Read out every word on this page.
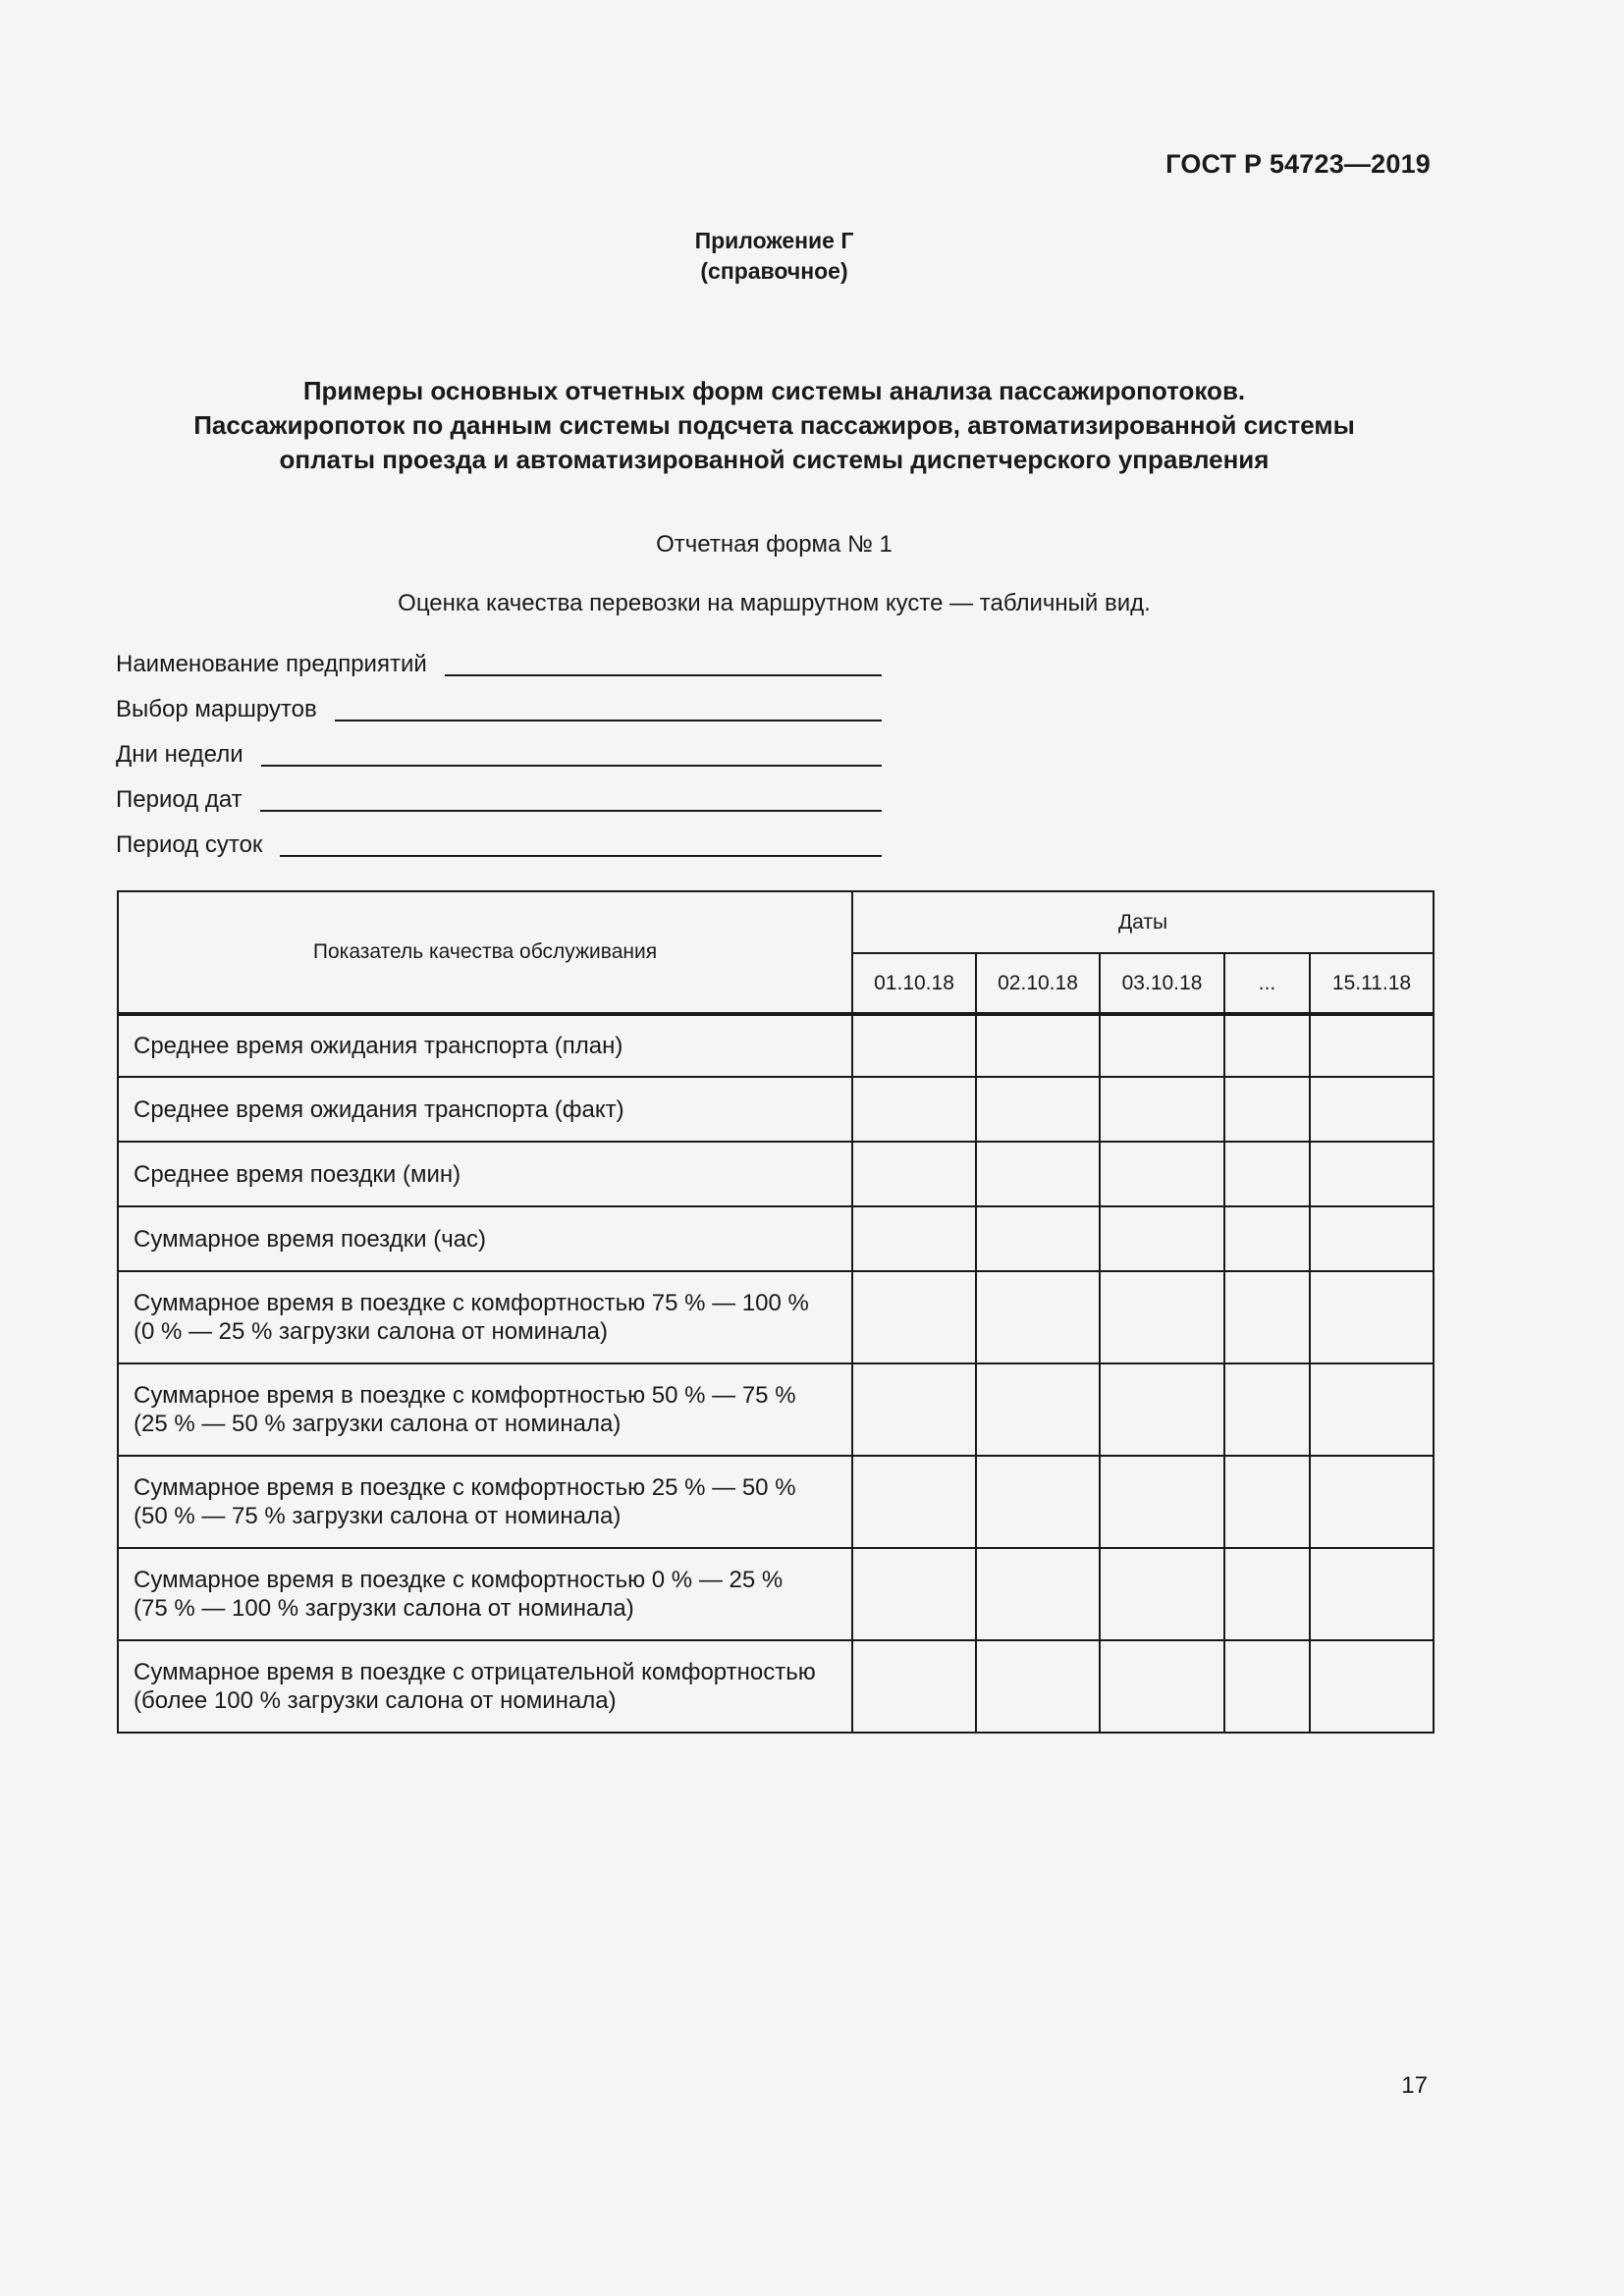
ГОСТ Р 54723—2019
Приложение Г
(справочное)
Примеры основных отчетных форм системы анализа пассажиропотоков.
Пассажиропоток по данным системы подсчета пассажиров, автоматизированной системы
оплаты проезда и автоматизированной системы диспетчерского управления
Отчетная форма № 1
Оценка качества перевозки на маршрутном кусте — табличный вид.
Наименование предприятий
Выбор маршрутов
Дни недели
Период дат
Период суток
Показатель качества обслуживания	Даты				
	01.10.18	02.10.18	03.10.18	...	15.11.18
Среднее время ожидания транспорта (план)					
Среднее время ожидания транспорта (факт)					
Среднее время поездки (мин)					
Суммарное время поездки (час)					
Суммарное время в поездке с комфортностью 75 % — 100 %
(0 % — 25 % загрузки салона от номинала)					
Суммарное время в поездке с комфортностью 50 % — 75 %
(25 % — 50 % загрузки салона от номинала)					
Суммарное время в поездке с комфортностью 25 % — 50 %
(50 % — 75 % загрузки салона от номинала)					
Суммарное время в поездке с комфортностью 0 % — 25 %
(75 % — 100 % загрузки салона от номинала)					
Суммарное время в поездке с отрицательной комфортностью
(более 100 % загрузки салона от номинала)					
17
